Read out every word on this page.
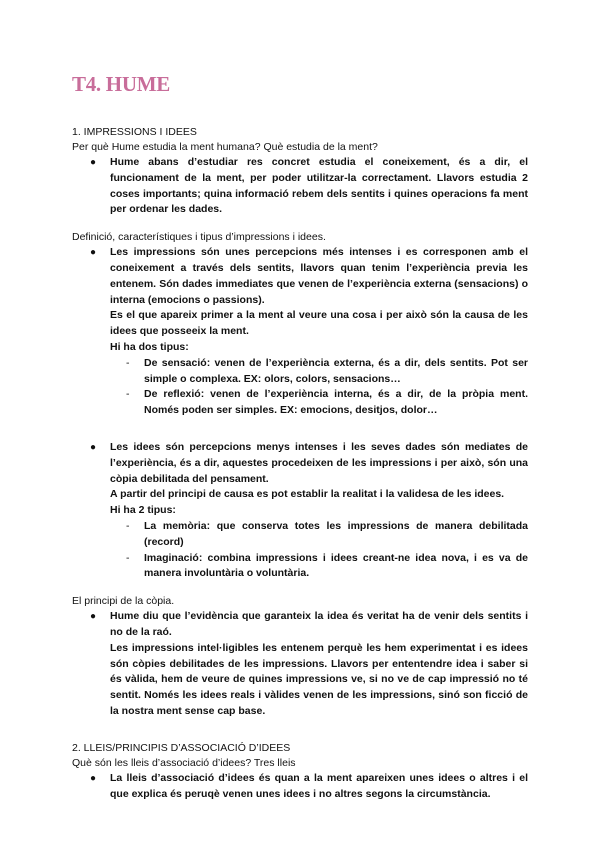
T4. HUME

1. IMPRESSIONS I IDEES

Per què Hume estudia la ment humana? Què estudia de la ment?

● Hume abans d’estudiar res concret estudia el coneixement, és a dir, el funcionament de la ment, per poder utilitzar-la correctament. Llavors estudia 2 coses importants; quina informació rebem dels sentits i quines operacions fa ment per ordenar les dades.

Definició, característiques i tipus d’impressions i idees.

● Les impressions són unes percepcions més intenses i es corresponen amb el coneixement a través dels sentits, llavors quan tenim l’experiència previa les entenem. Són dades immediates que venen de l’experiència externa (sensacions) o interna (emocions o passions).

Es el que apareix primer a la ment al veure una cosa i per això són la causa de les idees que posseeix la ment.

Hi ha dos tipus:

- De sensació: venen de l’experiència externa, és a dir, dels sentits. Pot ser simple o complexa. EX: olors, colors, sensacions…
- De reflexió: venen de l’experiència interna, és a dir, de la pròpia ment. Només poden ser simples. EX: emocions, desitjos, dolor…
● Les idees són percepcions menys intenses i les seves dades són mediates de l’experiència, és a dir, aquestes procedeixen de les impressions i per això, són una còpia debilitada del pensament.

A partir del principi de causa es pot establir la realitat i la validesa de les idees.

Hi ha 2 tipus:

- La memòria: que conserva totes les impressions de manera debilitada (record)
- Imaginació: combina impressions i idees creant-ne idea nova, i es va de manera involuntària o voluntària.

El principi de la còpia.

● Hume diu que l’evidència que garanteix la idea és veritat ha de venir dels sentits i no de la raó.

Les impressions intel·ligibles les entenem perquè les hem experimentat i es idees són còpies debilitades de les impressions. Llavors per ententendre idea i saber si és vàlida, hem de veure de quines impressions ve, si no ve de cap impressió no té sentit. Només les idees reals i vàlides venen de les impressions, sinó son ficció de la nostra ment sense cap base.

2. LLEIS/PRINCIPIS D’ASSOCIACIÓ D’IDEES

Què són les lleis d’associació d’idees? Tres lleis

● La lleis d’associació d’idees és quan a la ment apareixen unes idees o altres i el que explica és peruqè venen unes idees i no altres segons la circumstància.
